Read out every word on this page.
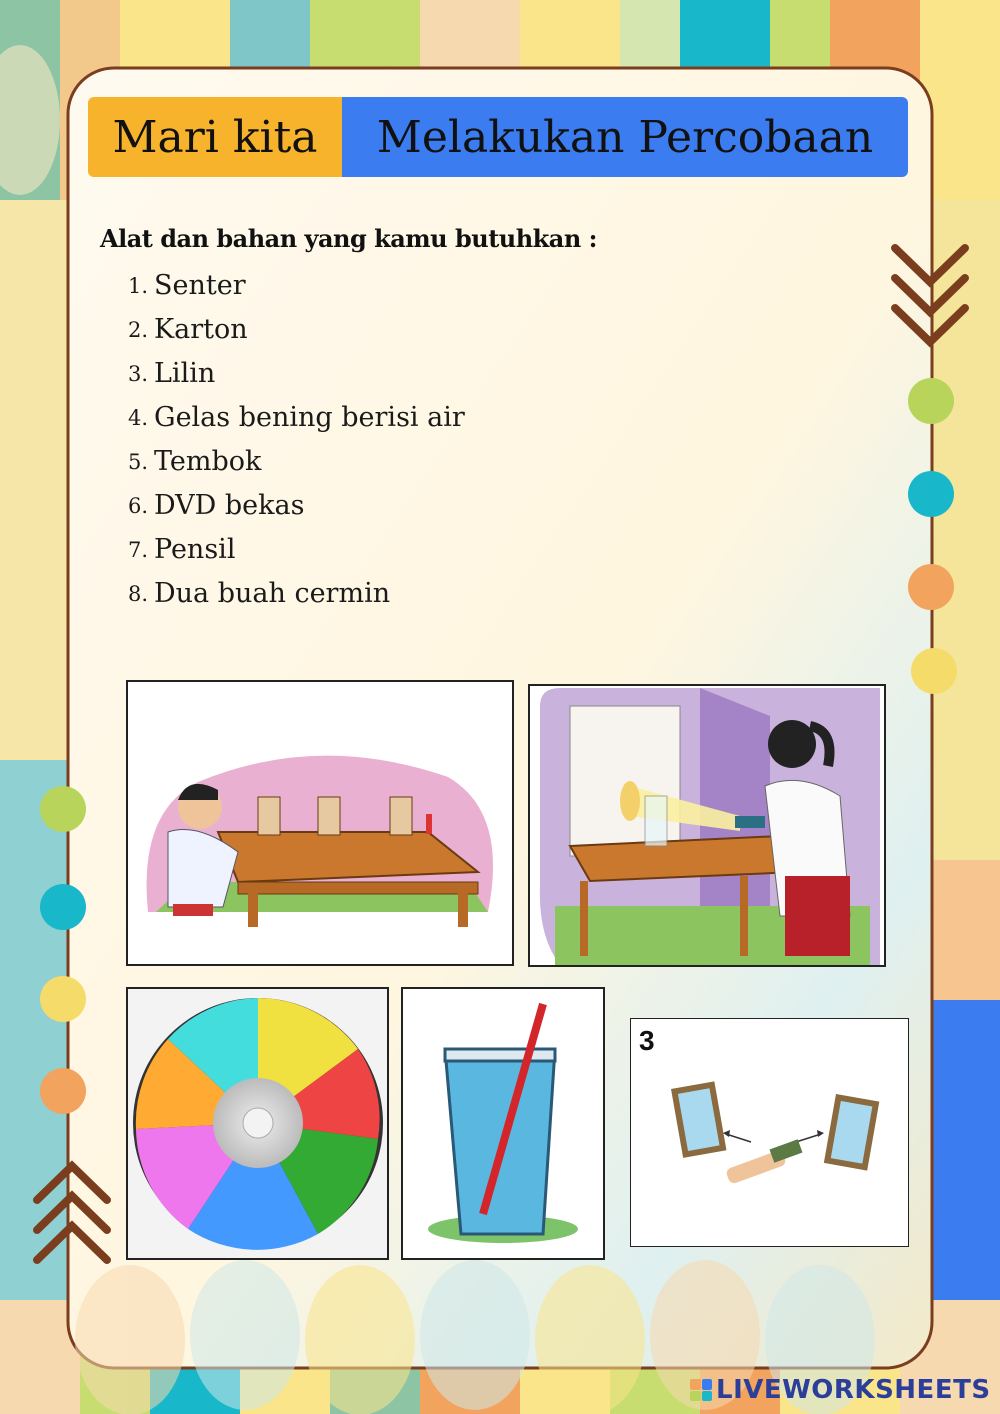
Mari kita	Melakukan Percobaan
Alat dan bahan yang kamu butuhkan :
1. Senter
2. Karton
3. Lilin
4. Gelas bening berisi air
5. Tembok
6. DVD bekas
7. Pensil
8. Dua buah cermin
3
LIVEWORKSHEETS
